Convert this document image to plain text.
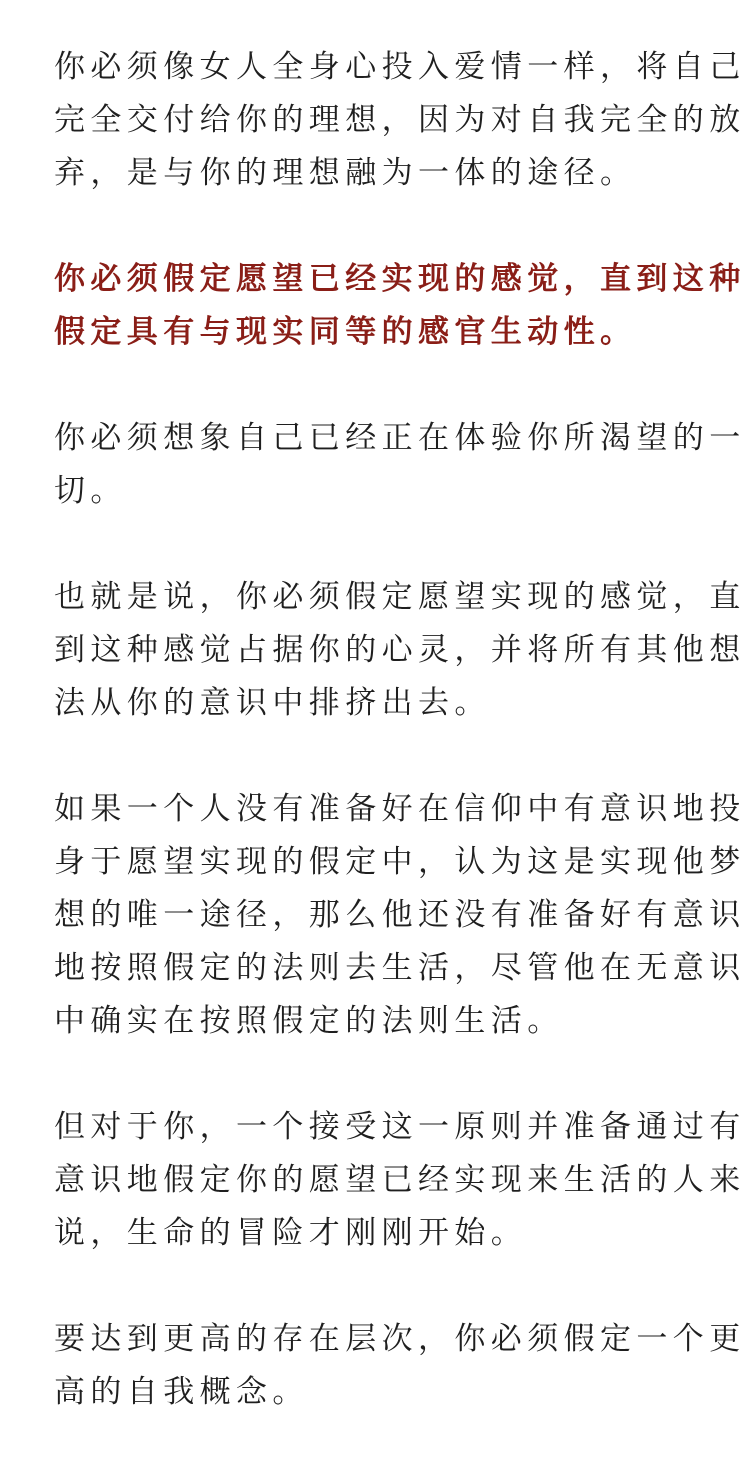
你必须像女人全身心投入爱情一样，将自己
完全交付给你的理想，因为对自我完全的放
弃，是与你的理想融为一体的途径。

你必须假定愿望已经实现的感觉，直到这种
假定具有与现实同等的感官生动性。

你必须想象自己已经正在体验你所渴望的一
切。

也就是说，你必须假定愿望实现的感觉，直
到这种感觉占据你的心灵，并将所有其他想
法从你的意识中排挤出去。

如果一个人没有准备好在信仰中有意识地投
身于愿望实现的假定中，认为这是实现他梦
想的唯一途径，那么他还没有准备好有意识
地按照假定的法则去生活，尽管他在无意识
中确实在按照假定的法则生活。

但对于你，一个接受这一原则并准备通过有
意识地假定你的愿望已经实现来生活的人来
说，生命的冒险才刚刚开始。

要达到更高的存在层次，你必须假定一个更
高的自我概念。
